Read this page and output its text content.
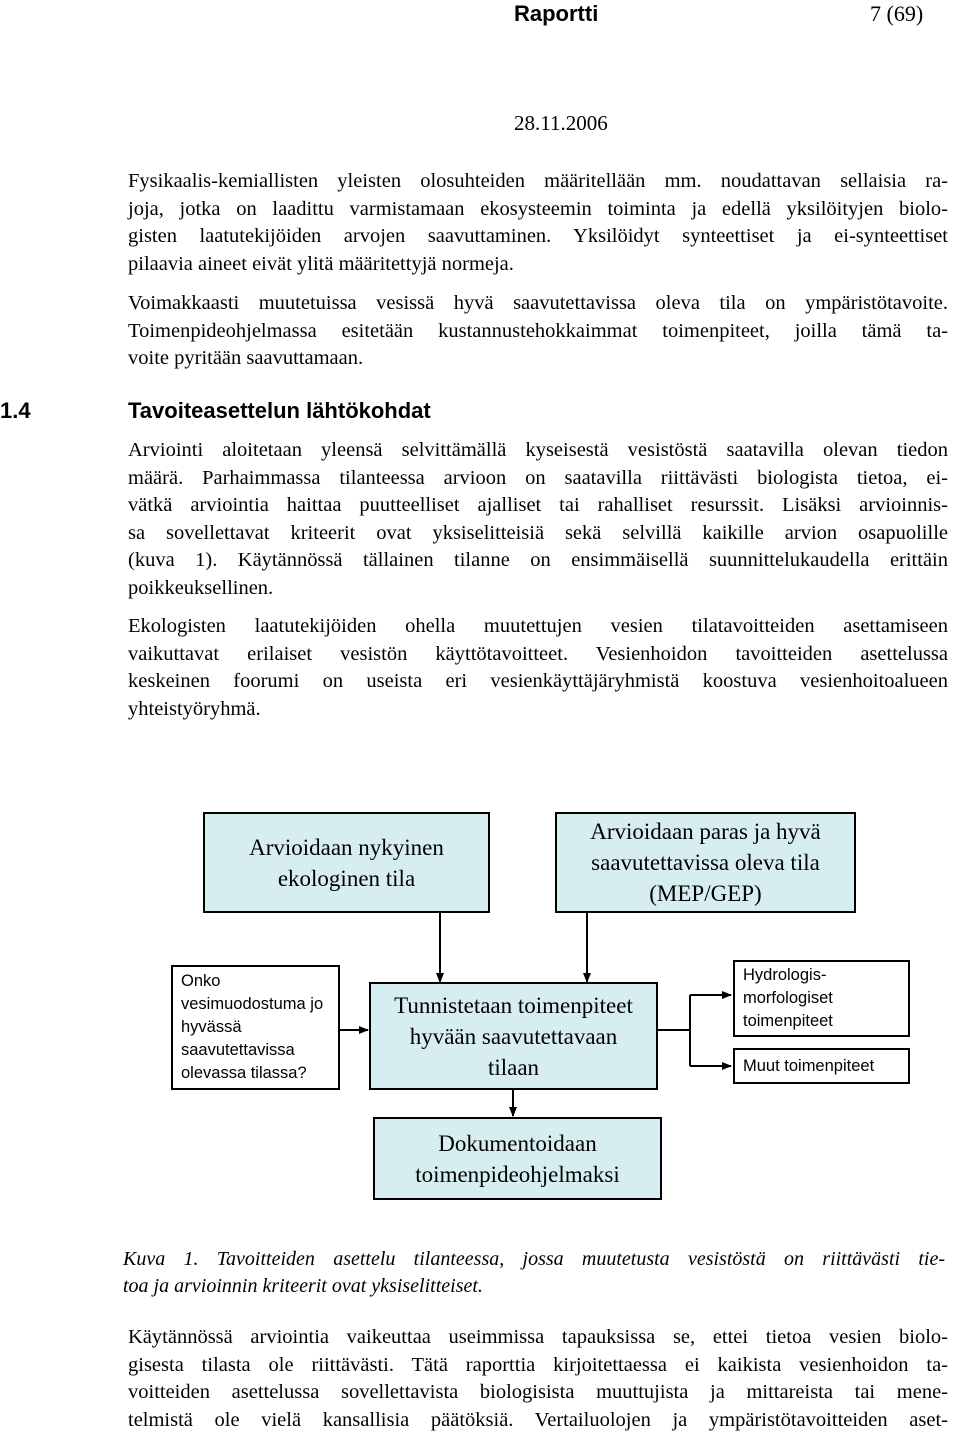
Raportti	7 (69)
28.11.2006
Fysikaalis-kemiallisten yleisten olosuhteiden määritellään mm. noudattavan sellaisia ra-
joja, jotka on laadittu varmistamaan ekosysteemin toiminta ja edellä yksilöityjen biolo-
gisten laatutekijöiden arvojen saavuttaminen. Yksilöidyt synteettiset ja ei-synteettiset
pilaavia aineet eivät ylitä määritettyjä normeja.
Voimakkaasti muutetuissa vesissä hyvä saavutettavissa oleva tila on ympäristötavoite.
Toimenpideohjelmassa esitetään kustannustehokkaimmat toimenpiteet, joilla tämä ta-
voite pyritään saavuttamaan.
1.4	Tavoiteasettelun lähtökohdat
Arviointi aloitetaan yleensä selvittämällä kyseisestä vesistöstä saatavilla olevan tiedon
määrä. Parhaimmassa tilanteessa arvioon on saatavilla riittävästi biologista tietoa, ei-
vätkä arviointia haittaa puutteelliset ajalliset tai rahalliset resurssit. Lisäksi arvioinnis-
sa sovellettavat kriteerit ovat yksiselitteisiä sekä selvillä kaikille arvion osapuolille
(kuva 1). Käytännössä tällainen tilanne on ensimmäisellä suunnittelukaudella erittäin
poikkeuksellinen.
Ekologisten laatutekijöiden ohella muutettujen vesien tilatavoitteiden asettamiseen
vaikuttavat erilaiset vesistön käyttötavoitteet. Vesienhoidon tavoitteiden asettelussa
keskeinen foorumi on useista eri vesienkäyttäjäryhmistä koostuva vesienhoitoalueen
yhteistyöryhmä.
Arvioidaan nykyinen
ekologinen tila
Arvioidaan paras ja hyvä
saavutettavissa oleva tila
(MEP/GEP)
Onko
vesimuodostuma jo
hyvässä
saavutettavissa
olevassa tilassa?
Tunnistetaan toimenpiteet
hyvään saavutettavaan
tilaan
Hydrologis-
morfologiset
toimenpiteet
Muut toimenpiteet
Dokumentoidaan
toimenpideohjelmaksi
Kuva 1. Tavoitteiden asettelu tilanteessa, jossa muutetusta vesistöstä on riittävästi tie-
toa ja arvioinnin kriteerit ovat yksiselitteiset.
Käytännössä arviointia vaikeuttaa useimmissa tapauksissa se, ettei tietoa vesien biolo-
gisesta tilasta ole riittävästi. Tätä raporttia kirjoitettaessa ei kaikista vesienhoidon ta-
voitteiden asettelussa sovellettavista biologisista muuttujista ja mittareista tai mene-
telmistä ole vielä kansallisia päätöksiä. Vertailuolojen ja ympäristötavoitteiden aset-
